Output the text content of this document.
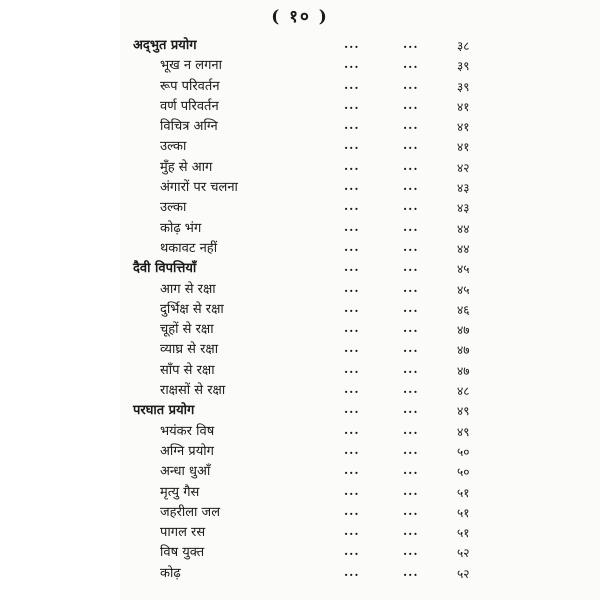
( १० )
अद्‌भुत प्रयोग	...	...	३८
भूख न लगना	...	...	३९
रूप परिवर्तन	...	...	३९
वर्ण परिवर्तन	...	...	४१
विचित्र अग्नि	...	...	४१
उल्का	...	...	४१
मुँह से आग	...	...	४२
अंगारों पर चलना	...	...	४३
उल्का	...	...	४३
कोढ़ भंग	...	...	४४
थकावट नहीं	...	...	४४
दैवी विपत्तियाँ	...	...	४५
आग से रक्षा	...	...	४५
दुर्भिक्ष से रक्षा	...	...	४६
चूहों से रक्षा	...	...	४७
व्याघ्र से रक्षा	...	...	४७
साँप से रक्षा	...	...	४७
राक्षसों से रक्षा	...	...	४८
परघात प्रयोग	...	...	४९
भयंकर विष	...	...	४९
अग्नि प्रयोग	...	...	५०
अन्धा धुआँ	...	...	५०
मृत्यु गैस	...	...	५१
जहरीला जल	...	...	५१
पागल रस	...	...	५१
विष युक्त	...	...	५२
कोढ़	...	...	५२
